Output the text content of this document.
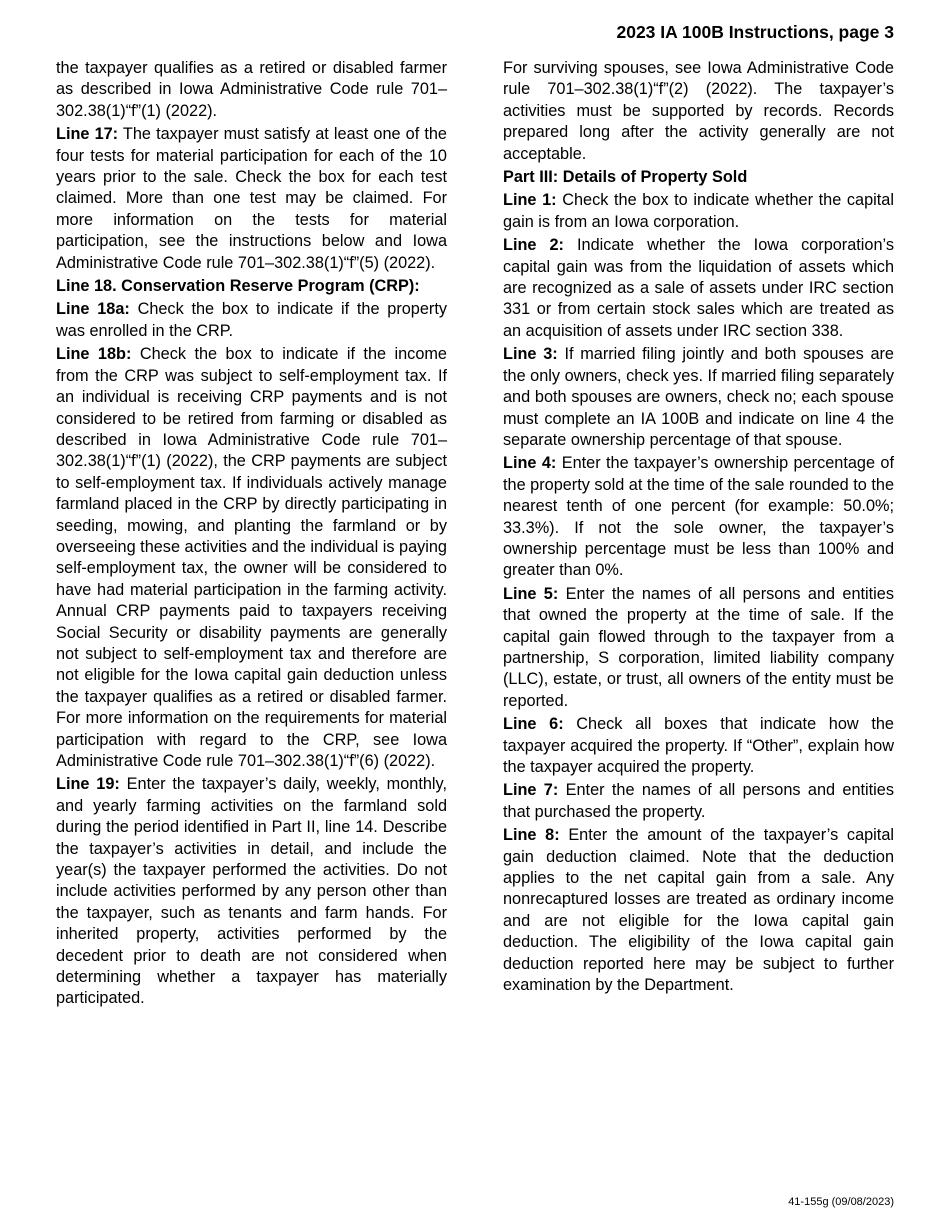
2023 IA 100B Instructions, page 3

the taxpayer qualifies as a retired or disabled farmer as described in Iowa Administrative Code rule 701–302.38(1)“f”(1) (2022).

Line 17: The taxpayer must satisfy at least one of the four tests for material participation for each of the 10 years prior to the sale. Check the box for each test claimed. More than one test may be claimed. For more information on the tests for material participation, see the instructions below and Iowa Administrative Code rule 701–302.38(1)“f”(5) (2022).

Line 18. Conservation Reserve Program (CRP):

Line 18a: Check the box to indicate if the property was enrolled in the CRP.

Line 18b: Check the box to indicate if the income from the CRP was subject to self-employment tax. If an individual is receiving CRP payments and is not considered to be retired from farming or disabled as described in Iowa Administrative Code rule 701–302.38(1)“f”(1) (2022), the CRP payments are subject to self-employment tax. If individuals actively manage farmland placed in the CRP by directly participating in seeding, mowing, and planting the farmland or by overseeing these activities and the individual is paying self-employment tax, the owner will be considered to have had material participation in the farming activity. Annual CRP payments paid to taxpayers receiving Social Security or disability payments are generally not subject to self-employment tax and therefore are not eligible for the Iowa capital gain deduction unless the taxpayer qualifies as a retired or disabled farmer. For more information on the requirements for material participation with regard to the CRP, see Iowa Administrative Code rule 701–302.38(1)“f”(6) (2022).

Line 19: Enter the taxpayer’s daily, weekly, monthly, and yearly farming activities on the farmland sold during the period identified in Part II, line 14. Describe the taxpayer’s activities in detail, and include the year(s) the taxpayer performed the activities. Do not include activities performed by any person other than the taxpayer, such as tenants and farm hands. For inherited property, activities performed by the decedent prior to death are not considered when determining whether a taxpayer has materially participated.

For surviving spouses, see Iowa Administrative Code rule 701–302.38(1)“f”(2) (2022). The taxpayer’s activities must be supported by records. Records prepared long after the activity generally are not acceptable.

Part III: Details of Property Sold

Line 1: Check the box to indicate whether the capital gain is from an Iowa corporation.

Line 2: Indicate whether the Iowa corporation’s capital gain was from the liquidation of assets which are recognized as a sale of assets under IRC section 331 or from certain stock sales which are treated as an acquisition of assets under IRC section 338.

Line 3: If married filing jointly and both spouses are the only owners, check yes. If married filing separately and both spouses are owners, check no; each spouse must complete an IA 100B and indicate on line 4 the separate ownership percentage of that spouse.

Line 4: Enter the taxpayer’s ownership percentage of the property sold at the time of the sale rounded to the nearest tenth of one percent (for example: 50.0%; 33.3%). If not the sole owner, the taxpayer’s ownership percentage must be less than 100% and greater than 0%.

Line 5: Enter the names of all persons and entities that owned the property at the time of sale. If the capital gain flowed through to the taxpayer from a partnership, S corporation, limited liability company (LLC), estate, or trust, all owners of the entity must be reported.

Line 6: Check all boxes that indicate how the taxpayer acquired the property. If “Other”, explain how the taxpayer acquired the property.

Line 7: Enter the names of all persons and entities that purchased the property.

Line 8: Enter the amount of the taxpayer’s capital gain deduction claimed. Note that the deduction applies to the net capital gain from a sale. Any nonrecaptured losses are treated as ordinary income and are not eligible for the Iowa capital gain deduction. The eligibility of the Iowa capital gain deduction reported here may be subject to further examination by the Department.

41-155g (09/08/2023)
